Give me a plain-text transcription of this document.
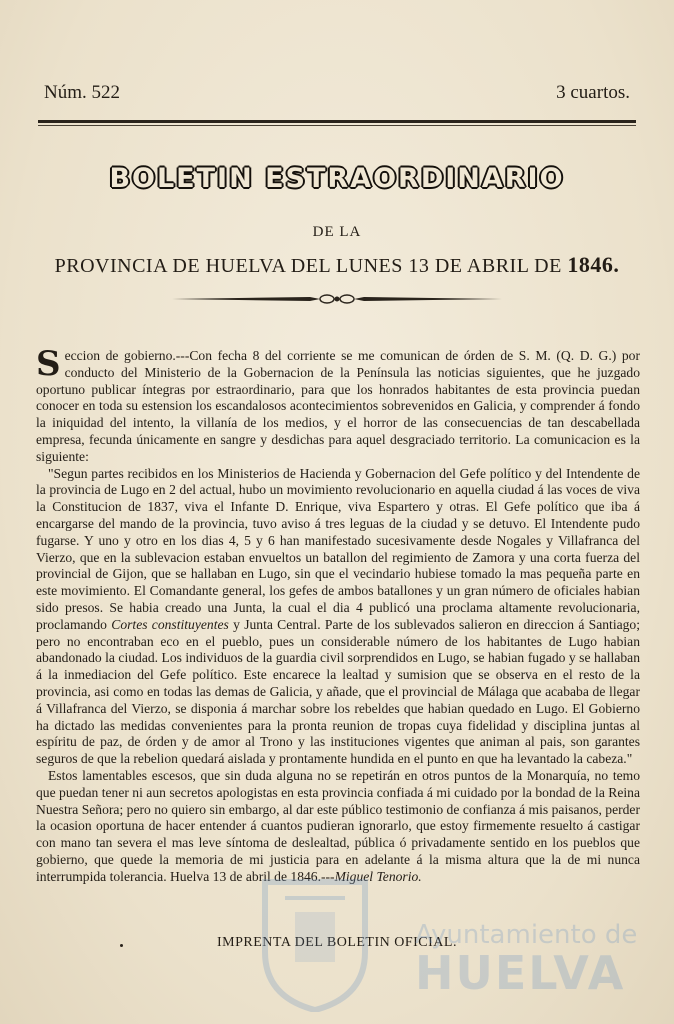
Núm. 522	3 cuartos.
BOLETIN ESTRAORDINARIO
DE LA
PROVINCIA DE HUELVA DEL LUNES 13 DE ABRIL DE 1846.

Seccion de gobierno.---Con fecha 8 del corriente se me comunican de órden de S. M. (Q. D. G.) por conducto del Ministerio de la Gobernacion de la Península las noticias siguientes, que he juzgado oportuno publicar íntegras por estraordinario, para que los honrados habitantes de esta provincia puedan conocer en toda su estension los escandalosos acontecimientos sobrevenidos en Galicia, y comprender á fondo la iniquidad del intento, la villanía de los medios, y el horror de las consecuencias de tan descabellada empresa, fecunda únicamente en sangre y desdichas para aquel desgraciado territorio. La comunicacion es la siguiente:

"Segun partes recibidos en los Ministerios de Hacienda y Gobernacion del Gefe político y del Intendente de la provincia de Lugo en 2 del actual, hubo un movimiento revolucionario en aquella ciudad á las voces de viva la Constitucion de 1837, viva el Infante D. Enrique, viva Espartero y otras. El Gefe político que iba á encargarse del mando de la provincia, tuvo aviso á tres leguas de la ciudad y se detuvo. El Intendente pudo fugarse. Y uno y otro en los dias 4, 5 y 6 han manifestado sucesivamente desde Nogales y Villafranca del Vierzo, que en la sublevacion estaban envueltos un batallon del regimiento de Zamora y una corta fuerza del provincial de Gijon, que se hallaban en Lugo, sin que el vecindario hubiese tomado la mas pequeña parte en este movimiento. El Comandante general, los gefes de ambos batallones y un gran número de oficiales habian sido presos. Se habia creado una Junta, la cual el dia 4 publicó una proclama altamente revolucionaria, proclamando Cortes constituyentes y Junta Central. Parte de los sublevados salieron en direccion á Santiago; pero no encontraban eco en el pueblo, pues un considerable número de los habitantes de Lugo habian abandonado la ciudad. Los individuos de la guardia civil sorprendidos en Lugo, se habian fugado y se hallaban á la inmediacion del Gefe político. Este encarece la lealtad y sumision que se observa en el resto de la provincia, asi como en todas las demas de Galicia, y añade, que el provincial de Málaga que acababa de llegar á Villafranca del Vierzo, se disponia á marchar sobre los rebeldes que habian quedado en Lugo. El Gobierno ha dictado las medidas convenientes para la pronta reunion de tropas cuya fidelidad y disciplina juntas al espíritu de paz, de órden y de amor al Trono y las instituciones vigentes que animan al pais, son garantes seguros de que la rebelion quedará aislada y prontamente hundida en el punto en que ha levantado la cabeza."

Estos lamentables escesos, que sin duda alguna no se repetirán en otros puntos de la Monarquía, no temo que puedan tener ni aun secretos apologistas en esta provincia confiada á mi cuidado por la bondad de la Reina Nuestra Señora; pero no quiero sin embargo, al dar este público testimonio de confianza á mis paisanos, perder la ocasion oportuna de hacer entender á cuantos pudieran ignorarlo, que estoy firmemente resuelto á castigar con mano tan severa el mas leve síntoma de deslealtad, pública ó privadamente sentido en los pueblos que gobierno, que quede la memoria de mi justicia para en adelante á la misma altura que la de mi nunca interrumpida tolerancia. Huelva 13 de abril de 1846.---Miguel Tenorio.

IMPRENTA DEL BOLETIN OFICIAL.
Ayuntamiento de
HUELVA
